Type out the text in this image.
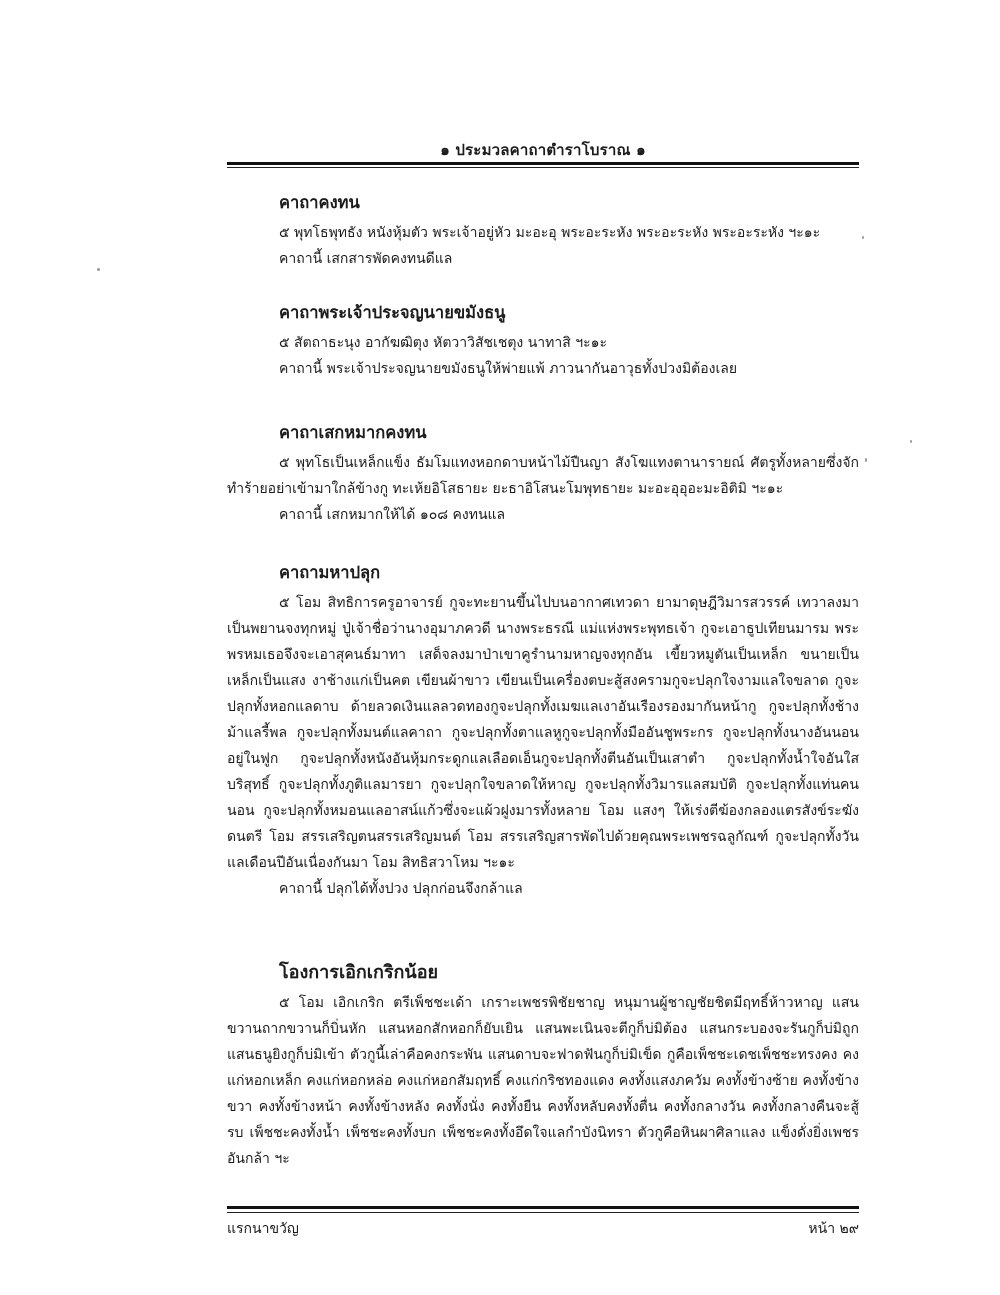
๑ ประมวลคาถาตำราโบราณ ๑
คาถาคงทน

๕ พุทโธพุทธัง หนังหุ้มตัว พระเจ้าอยู่หัว มะอะอุ พระอะระหัง พระอะระหัง พระอะระหัง ฯะ๑ะ

คาถานี้ เสกสารพัดคงทนดีแล

คาถาพระเจ้าประจญนายขมังธนู

๕ สัตถาธะนุง อากัฆฒิตุง หัตวาวิสัชเชตุง นาทาสิ ฯะ๑ะ

คาถานี้ พระเจ้าประจญนายขมังธนูให้พ่ายแพ้ ภาวนากันอาวุธทั้งปวงมิต้องเลย

คาถาเสกหมากคงทน

๕ พุทโธเป็นเหล็กแข็ง ธัมโมแทงหอกดาบหน้าไม้ปืนญา สังโฆแทงตานารายณ์ ศัตรูทั้งหลายซึ่งจักทำร้ายอย่าเข้ามาใกล้ข้างกู ทะเห้ยอิโสธายะ ยะธาอิโสนะโมพุทธายะ มะอะอุอุอะมะอิติมิ ฯะ๑ะ

คาถานี้ เสกหมากให้ได้ ๑๐๘ คงทนแล

คาถามหาปลุก

๕ โอม สิทธิการครูอาจารย์ กูจะทะยานขึ้นไปบนอากาศเทวดา ยามาดุษฎีวิมารสวรรค์ เทวาลงมาเป็นพยานจงทุกหมู่ ปู่เจ้าชื่อว่านางอุมาภควดี นางพระธรณี แม่แห่งพระพุทธเจ้า กูจะเอาธูปเทียนมารม พระพรหมเธอจึงจะเอาสุคนธ์มาทา เสด็จลงมาป่าเขาคูรำนามหาญจงทุกอัน เขี้ยวหมูตันเป็นเหล็ก ขนายเป็นเหล็กเป็นแสง งาช้างแก่เป็นคต เขียนผ้าขาว เขียนเป็นเครื่องตบะสู้สงครามกูจะปลุกใจงามแลใจขลาด กูจะปลุกทั้งหอกแลดาบ ด้ายลวดเงินแลลวดทองกูจะปลุกทั้งเมฆแลเงาอันเรืองรองมากันหน้ากู กูจะปลุกทั้งช้างม้าแลรี้พล กูจะปลุกทั้งมนต์แลคาถา กูจะปลุกทั้งตาแลหูกูจะปลุกทั้งมืออันชูพระกร กูจะปลุกทั้งนางอันนอนอยู่ในฟูก กูจะปลุกทั้งหนังอันหุ้มกระดูกแลเลือดเอ็นกูจะปลุกทั้งตีนอันเป็นเสาตำ กูจะปลุกทั้งน้ำใจอันใสบริสุทธิ์ กูจะปลุกทั้งภูติแลมารยา กูจะปลุกใจขลาดให้หาญ กูจะปลุกทั้งวิมารแลสมบัติ กูจะปลุกทั้งแท่นคนนอน กูจะปลุกทั้งหมอนแลอาสน์แก้วซึ่งจะแผ้วฝูงมารทั้งหลาย โอม แสงๆ ให้เร่งตีฆ้องกลองแตรสังข์ระฆังดนตรี โอม สรรเสริญตนสรรเสริญมนต์ โอม สรรเสริญสารพัดไปด้วยคุณพระเพชรฉลูกัณฑ์ กูจะปลุกทั้งวันแลเดือนปีอันเนื่องกันมา โอม สิทธิสวาโหม ฯะ๑ะ

คาถานี้ ปลุกได้ทั้งปวง ปลุกก่อนจึงกล้าแล

โองการเอิกเกริกน้อย

๕ โอม เอิกเกริก ตรีเพ็ชชะเด้า เกราะเพชรพิชัยชาญ หนุมานผู้ชาญชัยชิตมีฤทธิ์ห้าวหาญ แสนขวานถากขวานก็บิ่นหัก แสนหอกสักหอกก็ยับเยิน แสนพะเนินจะตีกูก็บ่มิต้อง แสนกระบองจะรันกูก็บ่มิถูก แสนธนูยิงกูก็บ่มิเข้า ตัวกูนี้เล่าคือคงกระพัน แสนดาบจะฟาดฟันกูก็บ่มิเข็ด กูคือเพ็ชชะเดชเพ็ชชะทรงคง คงแก่หอกเหล็ก คงแก่หอกหล่อ คงแก่หอกสัมฤทธิ์ คงแก่กริชทองแดง คงทั้งแสงภควัม คงทั้งข้างซ้าย คงทั้งข้างขวา คงทั้งข้างหน้า คงทั้งข้างหลัง คงทั้งนั่ง คงทั้งยืน คงทั้งหลับคงทั้งตื่น คงทั้งกลางวัน คงทั้งกลางคืนจะสู้รบ เพ็ชชะคงทั้งน้ำ เพ็ชชะคงทั้งบก เพ็ชชะคงทั้งอึดใจแลกำบังนิทรา ตัวกูคือหินผาศิลาแลง แข็งดั่งยิ่งเพชรอันกล้า ฯะ

แรกนาขวัญ	หน้า ๒๙
